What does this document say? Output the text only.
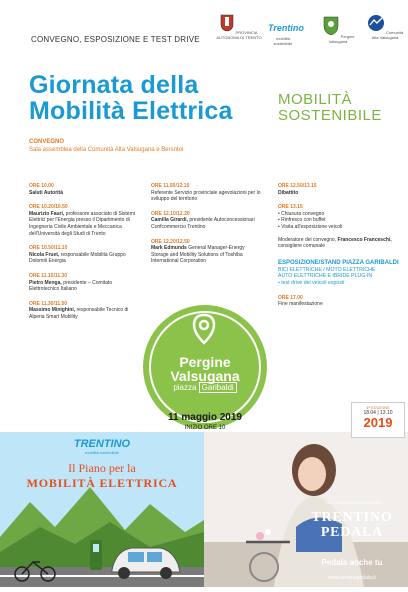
CONVEGNO, ESPOSIZIONE E TEST DRIVE
PROVINCIA AUTONOMA DI TRENTO
Trentino
mobilità sostenibile
Pergine Valsugana
Comunità Alta Valsugana
Giornata della
Mobilità Elettrica	MOBILITÀ
SOSTENIBILE
CONVEGNO
Sala assemblea della Comunità Alta Valsugana e Bersntol
ORE 10.00
Saluti Autorità
ORE 10.20/10.50
Maurizio Fauri, professore associato di Sistemi Elettrici per l'Energia presso il Dipartimento di Ingegneria Civile Ambientale e Meccanica dell'Università degli Studi di Trento
ORE 10.50/11.10
Nicola Fruet, responsabile Mobilità Gruppo Dolomiti Energia
ORE 11.10/11.30
Pietro Menga, presidente – Comitato Elettrotecnico Italiano
ORE 11.30/11.50
Massimo Minighini, responsabile Tecnico di Alperia Smart Mobility
ORE 11.50/12.10
Referente Servizio provinciale agevolazioni per lo sviluppo del territorio
ORE 12.10/12.20
Camilla Girardi, presidente Autoconcessionari Confcommercio Trentino
ORE 12.20/12.50
Mark Edmunds General Manager-Energy Storage and Mobility Solutions of Toshiba International Corporation
ORE 12.50/13.15
Dibattito
ORE 13.15
• Chiusura convegno
• Rinfresco con buffet
• Visita all'esposizione veicoli
Moderatore del convegno, Francesco Franceschi, consigliere comunale
ESPOSIZIONE/STAND PIAZZA GARIBALDI
BICI ELETTRICHE / MOTO ELETTRICHE
AUTO ELETTRICHE E IBRIDE PLUG-IN
• test drive dei veicoli esposti
ORE 17.00
Fine manifestazione
TRENTINO
mobilità sostenibile
Il Piano per la
MOBILITÀ ELETTRICA
4ª EDIZIONE
18.04 | 13.10
2019
CICLOCONCORSO TRENTINO
TRENTINO
PEDALA
Pedala anche tu
www.trentinopedala.it
Pergine
Valsugana
piazza Garibaldi
11 maggio 2019
INIZIO ORE 10
